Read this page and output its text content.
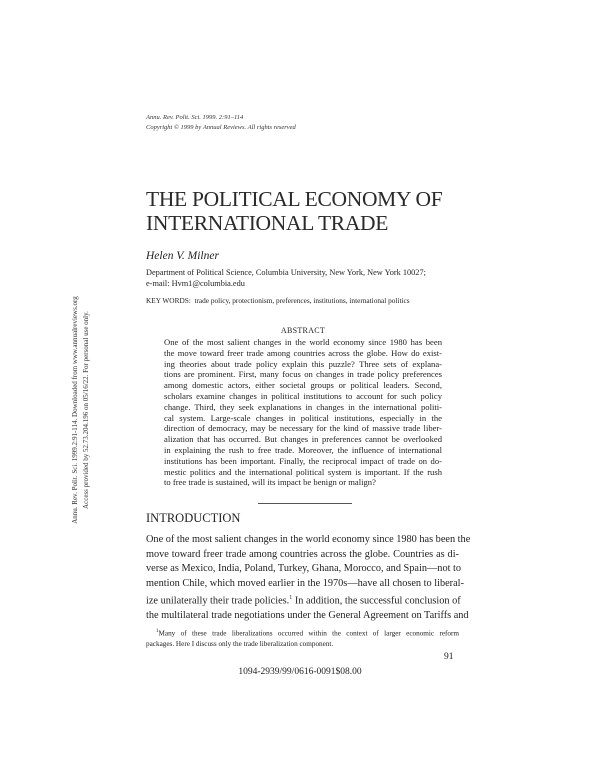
Annu. Rev. Polit. Sci. 1999. 2:91–114
Copyright © 1999 by Annual Reviews. All rights reserved
THE POLITICAL ECONOMY OF
INTERNATIONAL TRADE
Helen V. Milner
Department of Political Science, Columbia University, New York, New York 10027;
e-mail: Hvm1@columbia.edu
KEY WORDS: trade policy, protectionism, preferences, institutions, international politics
ABSTRACT
One of the most salient changes in the world economy since 1980 has been
the move toward freer trade among countries across the globe. How do exist-
ing theories about trade policy explain this puzzle? Three sets of explana-
tions are prominent. First, many focus on changes in trade policy preferences
among domestic actors, either societal groups or political leaders. Second,
scholars examine changes in political institutions to account for such policy
change. Third, they seek explanations in changes in the international politi-
cal system. Large-scale changes in political institutions, especially in the
direction of democracy, may be necessary for the kind of massive trade liber-
alization that has occurred. But changes in preferences cannot be overlooked
in explaining the rush to free trade. Moreover, the influence of international
institutions has been important. Finally, the reciprocal impact of trade on do-
mestic politics and the international political system is important. If the rush
to free trade is sustained, will its impact be benign or malign?
INTRODUCTION
One of the most salient changes in the world economy since 1980 has been the
move toward freer trade among countries across the globe. Countries as di-
verse as Mexico, India, Poland, Turkey, Ghana, Morocco, and Spain—not to
mention Chile, which moved earlier in the 1970s—have all chosen to liberal-
ize unilaterally their trade policies.$^1$ In addition, the successful conclusion of
the multilateral trade negotiations under the General Agreement on Tariffs and
$^1$Many of these trade liberalizations occurred within the context of larger economic reform
packages. Here I discuss only the trade liberalization component.
91
1094-2939/99/0616-0091$08.00
Annu. Rev. Polit. Sci. 1999.2:91-114. Downloaded from www.annualreviews.org Access provided by 52.73.204.196 on 05/16/22. For personal use only.
